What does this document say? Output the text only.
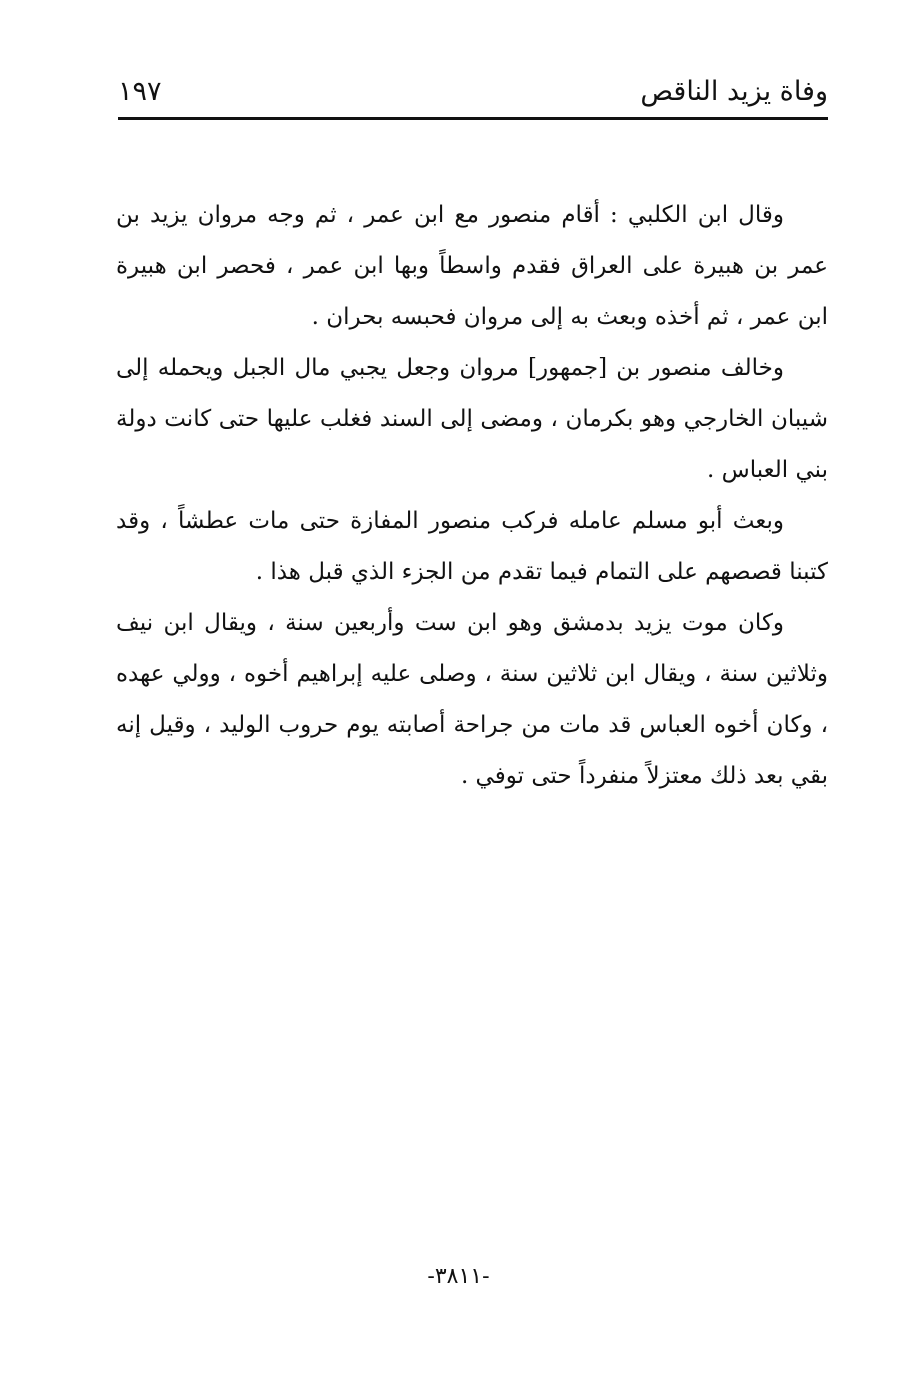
وفاة يزيد الناقص
١٩٧

وقال ابن الكلبي : أقام منصور مع ابن عمر ، ثم وجه مروان يزيد بن عمر بن هبيرة على العراق فقدم واسطاً وبها ابن عمر ، فحصر ابن هبيرة ابن عمر ، ثم أخذه وبعث به إلى مروان فحبسه بحران .

وخالف منصور بن [جمهور] مروان وجعل يجبي مال الجبل ويحمله إلى شيبان الخارجي وهو بكرمان ، ومضى إلى السند فغلب عليها حتى كانت دولة بني العباس .

وبعث أبو مسلم عامله فركب منصور المفازة حتى مات عطشاً ، وقد كتبنا قصصهم على التمام فيما تقدم من الجزء الذي قبل هذا .

وكان موت يزيد بدمشق وهو ابن ست وأربعين سنة ، ويقال ابن نيف وثلاثين سنة ، ويقال ابن ثلاثين سنة ، وصلى عليه إبراهيم أخوه ، وولي عهده ، وكان أخوه العباس قد مات من جراحة أصابته يوم حروب الوليد ، وقيل إنه بقي بعد ذلك معتزلاً منفرداً حتى توفي .

-٣٨١١-
